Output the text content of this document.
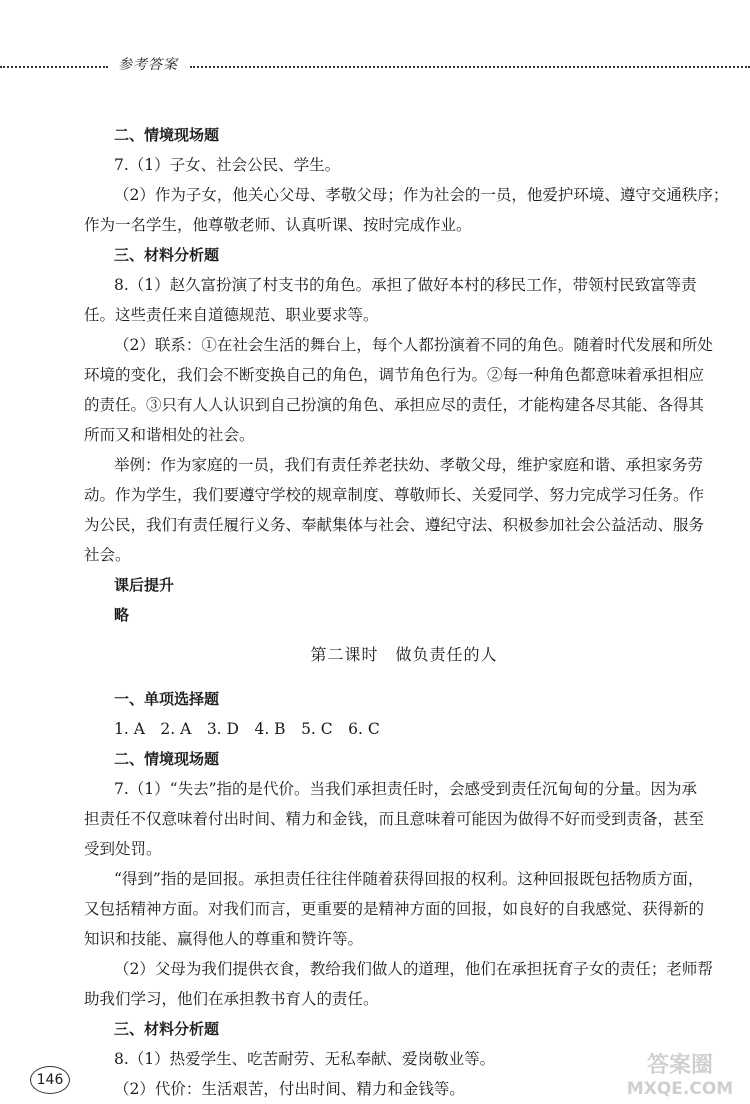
参考答案
二、情境现场题
7.（1）子女、社会公民、学生。
（2）作为子女，他关心父母、孝敬父母；作为社会的一员，他爱护环境、遵守交通秩序；
作为一名学生，他尊敬老师、认真听课、按时完成作业。
三、材料分析题
8.（1）赵久富扮演了村支书的角色。承担了做好本村的移民工作，带领村民致富等责
任。这些责任来自道德规范、职业要求等。
（2）联系：①在社会生活的舞台上，每个人都扮演着不同的角色。随着时代发展和所处
环境的变化，我们会不断变换自己的角色，调节角色行为。②每一种角色都意味着承担相应
的责任。③只有人人认识到自己扮演的角色、承担应尽的责任，才能构建各尽其能、各得其
所而又和谐相处的社会。
举例：作为家庭的一员，我们有责任养老扶幼、孝敬父母，维护家庭和谐、承担家务劳
动。作为学生，我们要遵守学校的规章制度、尊敬师长、关爱同学、努力完成学习任务。作
为公民，我们有责任履行义务、奉献集体与社会、遵纪守法、积极参加社会公益活动、服务
社会。
课后提升
略
第二课时　做负责任的人
一、单项选择题
1. A　2. A　3. D　4. B　5. C　6. C
二、情境现场题
7.（1）“失去”指的是代价。当我们承担责任时，会感受到责任沉甸甸的分量。因为承
担责任不仅意味着付出时间、精力和金钱，而且意味着可能因为做得不好而受到责备，甚至
受到处罚。
“得到”指的是回报。承担责任往往伴随着获得回报的权利。这种回报既包括物质方面，
又包括精神方面。对我们而言，更重要的是精神方面的回报，如良好的自我感觉、获得新的
知识和技能、赢得他人的尊重和赞许等。
（2）父母为我们提供衣食，教给我们做人的道理，他们在承担抚育子女的责任；老师帮
助我们学习，他们在承担教书育人的责任。
三、材料分析题
8.（1）热爱学生、吃苦耐劳、无私奉献、爱岗敬业等。
（2）代价：生活艰苦，付出时间、精力和金钱等。
146
答案圈
MXQE.COM
